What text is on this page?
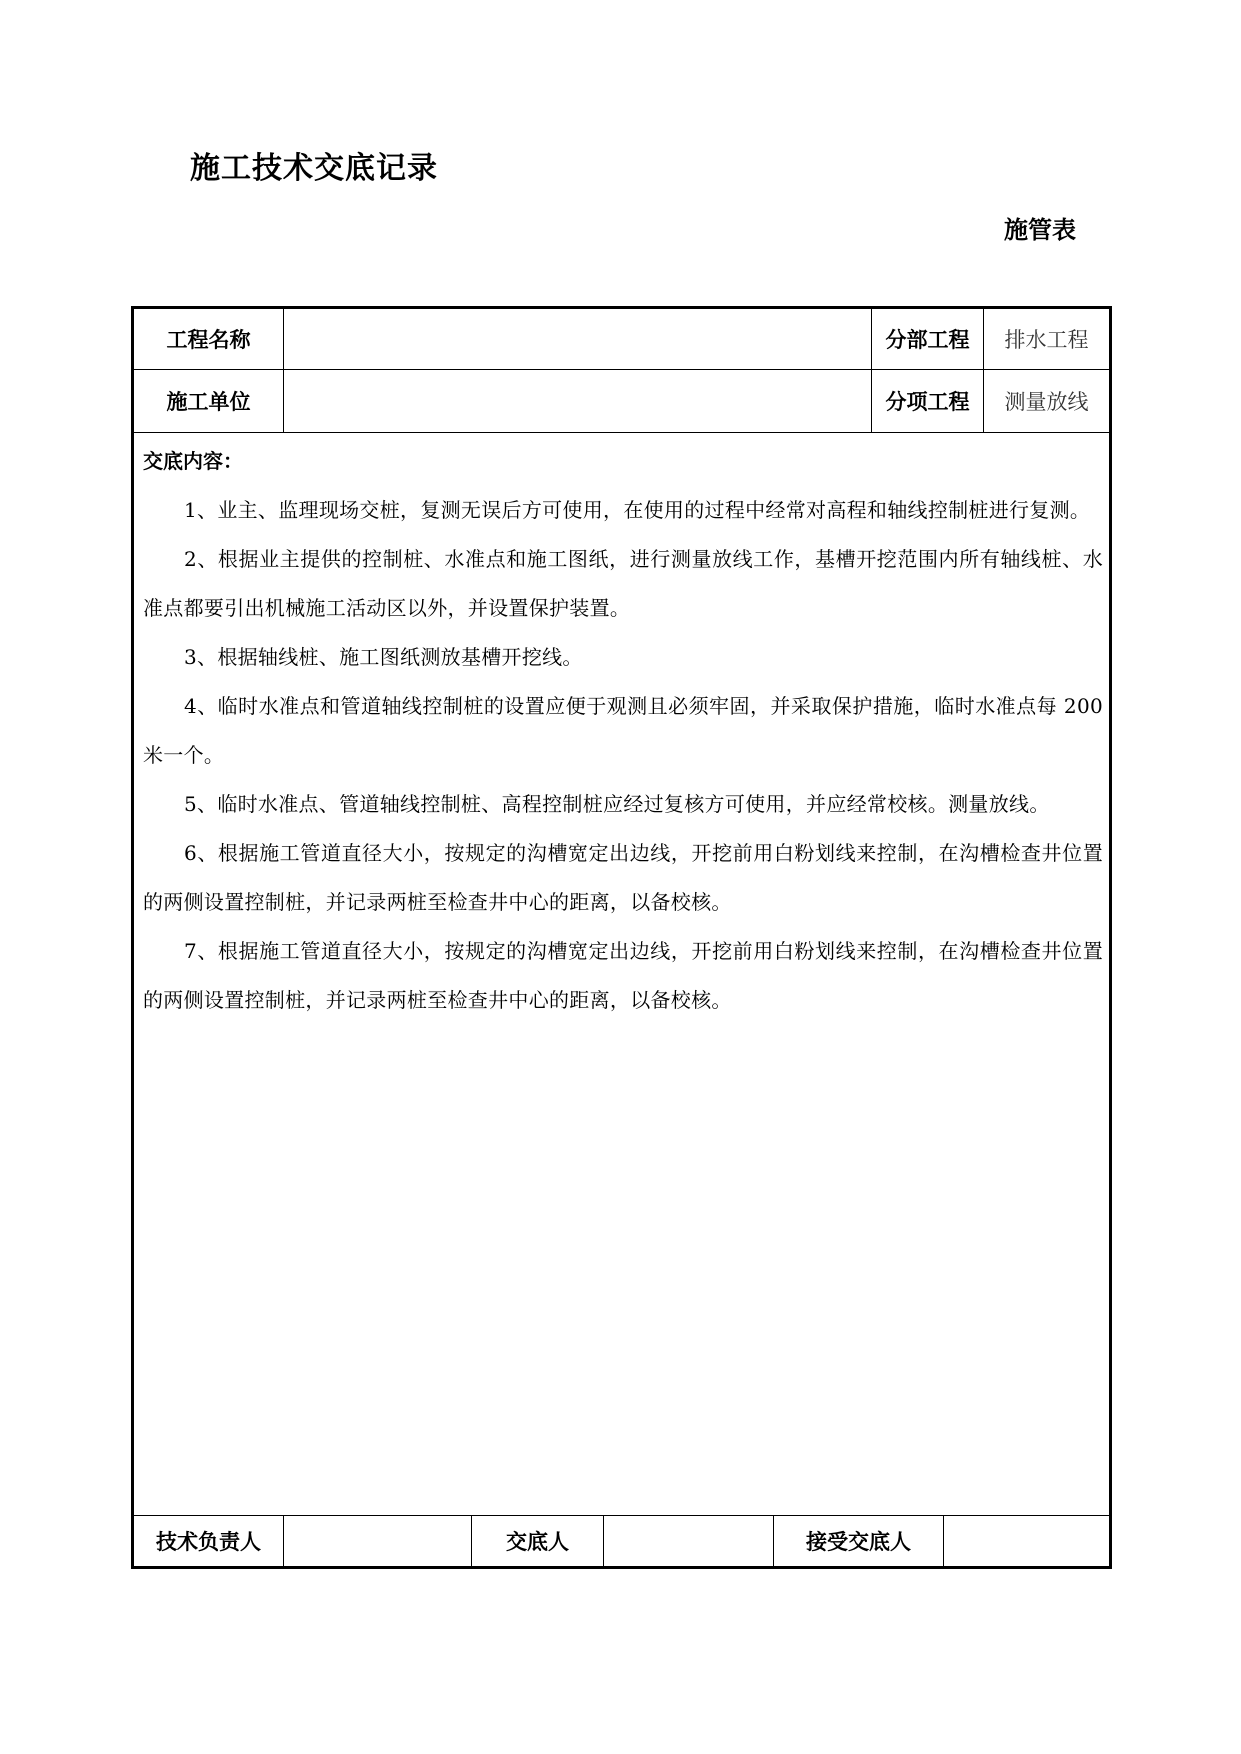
施工技术交底记录
施管表
工程名称	分部工程	排水工程
施工单位	分项工程	测量放线
交底内容：

1、业主、监理现场交桩，复测无误后方可使用，在使用的过程中经常对高程和轴线控制桩进行复测。

2、根据业主提供的控制桩、水准点和施工图纸，进行测量放线工作，基槽开挖范围内所有轴线桩、水准点都要引出机械施工活动区以外，并设置保护装置。

3、根据轴线桩、施工图纸测放基槽开挖线。

4、临时水准点和管道轴线控制桩的设置应便于观测且必须牢固，并采取保护措施，临时水准点每 200 米一个。

5、临时水准点、管道轴线控制桩、高程控制桩应经过复核方可使用，并应经常校核。测量放线。

6、根据施工管道直径大小，按规定的沟槽宽定出边线，开挖前用白粉划线来控制，在沟槽检查井位置的两侧设置控制桩，并记录两桩至检查井中心的距离，以备校核。

7、根据施工管道直径大小，按规定的沟槽宽定出边线，开挖前用白粉划线来控制，在沟槽检查井位置的两侧设置控制桩，并记录两桩至检查井中心的距离，以备校核。

技术负责人	交底人	接受交底人
